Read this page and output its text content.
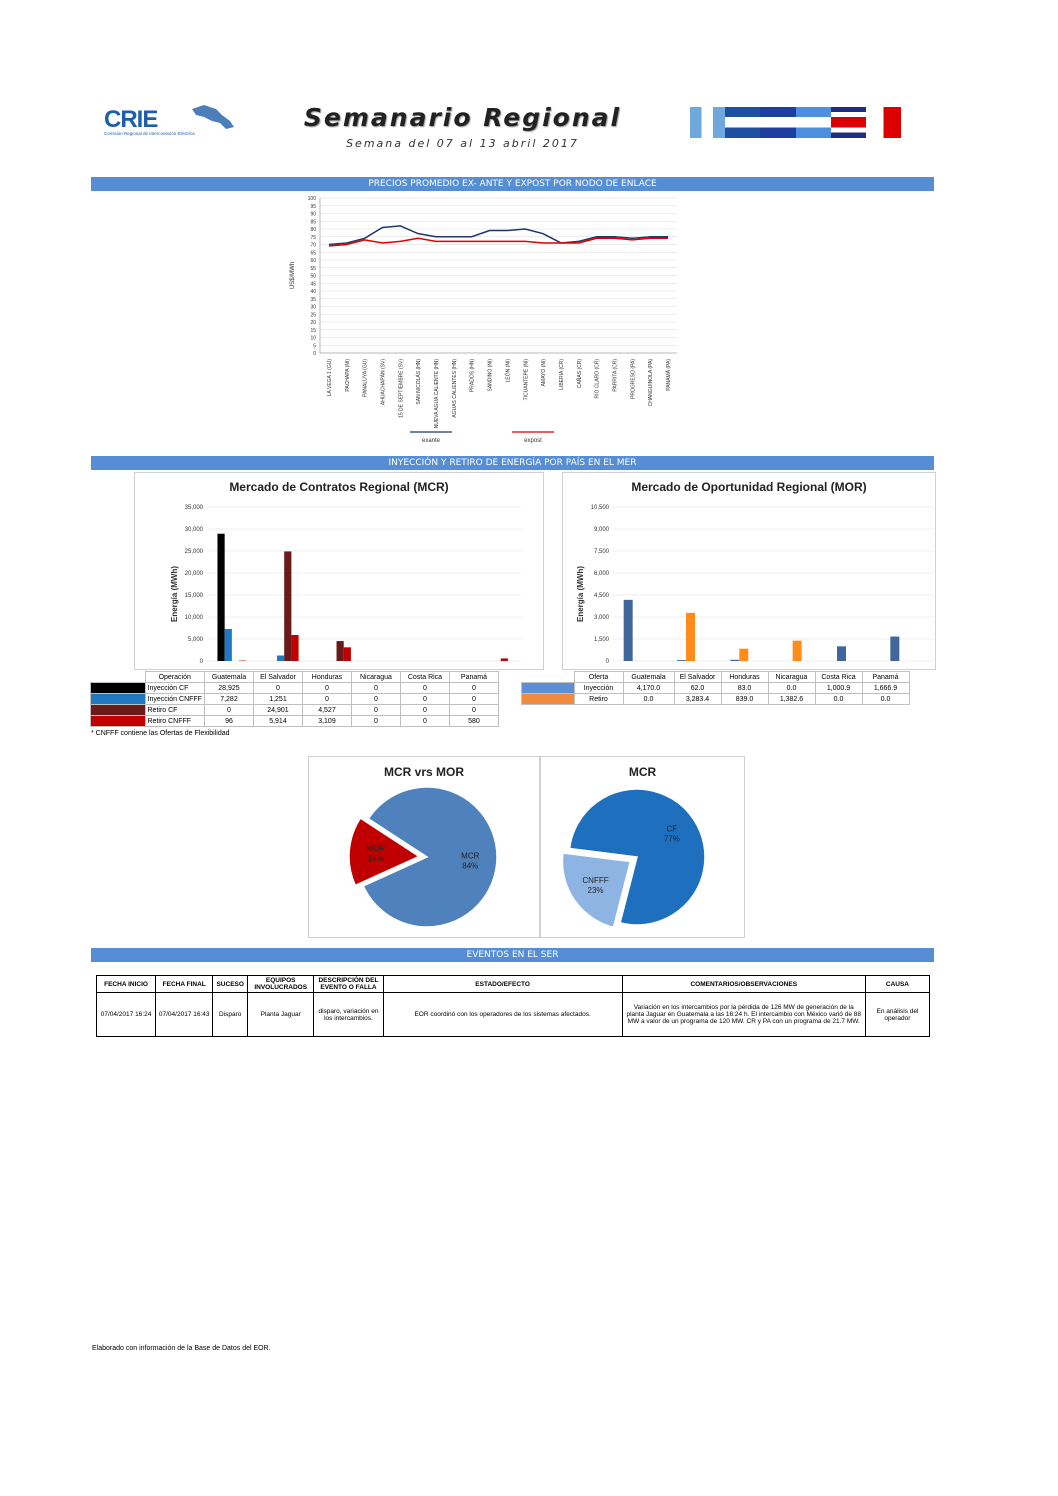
CRIE
Comisión Regional de Interconexión Eléctrica
Semanario Regional
Semana del 07 al 13 abril 2017
PRECIOS PROMEDIO EX- ANTE Y EXPOST POR NODO DE ENLACE
0
5
10
15
20
25
30
35
40
45
50
55
60
65
70
75
80
85
90
95
100
US$/MWh
LA VEGA 1 (GU) PACHAPA (NI) PANALUYA (GU) AHUACHAPÁN (SV) 15 DE SEPTIEMBRE (SV) SAN NICOLÁS (HN) NUEVA AGUA CALIENTE (HN) AGUAS CALIENTES (HN) PRADOS (HN) SANDINO (NI) LEÓN (NI) TICUANTEPE (NI) AMAYO (NI) LIBERIA (CR) CAÑAS (CR) RÍO CLARO (CR) PARRITA (CR) PROGRESO (PA) CHANGUINOLA (PA) PANAMÁ (PA)
exante	expost
INYECCIÓN Y RETIRO DE ENERGÍA POR PAÍS EN EL MER
Mercado de Contratos Regional (MCR)
0
5,000
10,000
15,000
20,000
25,000
30,000
35,000
Energía (MWh)
Mercado de Oportunidad Regional (MOR)
0
1,500
3,000
4,500
6,000
7,500
9,000
10,500
Energía (MWh)
	Operación	Guatemala	El Salvador	Honduras	Nicaragua	Costa Rica	Panamá
	Inyección CF	28,925	0	0	0	0	0
	Inyección CNFFF	7,282	1,251	0	0	0	0
	Retiro CF	0	24,901	4,527	0	0	0
	Retiro CNFFF	96	5,914	3,109	0	0	580
* CNFFF contiene las Ofertas de Flexibilidad
	Oferta	Guatemala	El Salvador	Honduras	Nicaragua	Costa Rica	Panamá
	Inyección	4,170.0	62.0	83.0	0.0	1,000.9	1,666.9
	Retiro	0.0	3,283.4	839.0	1,382.6	0.0	0.0
MCR vrs MOR
MCR
84%
MOR
16%
MCR
CF
77%
CNFFF
23%
EVENTOS EN EL SER
FECHA INICIO	FECHA FINAL	SUCESO	EQUIPOS INVOLUCRADOS	DESCRIPCIÓN DEL EVENTO O FALLA	ESTADO/EFECTO	COMENTARIOS/OBSERVACIONES	CAUSA
07/04/2017 16:24	07/04/2017 16:43	Disparo	Planta Jaguar	disparo, variación en los intercambios.	EOR coordinó con los operadores de los sistemas afectados.	Variación en los intercambios por la pérdida de 126 MW de generación de la planta Jaguar en Guatemala a las 16:24 h. El intercambio con México varió de 88 MW a valor de un programa de 120 MW. CR y PA con un programa de 21.7 MW.	En análisis del operador
Elaborado con información de la Base de Datos del EOR.
